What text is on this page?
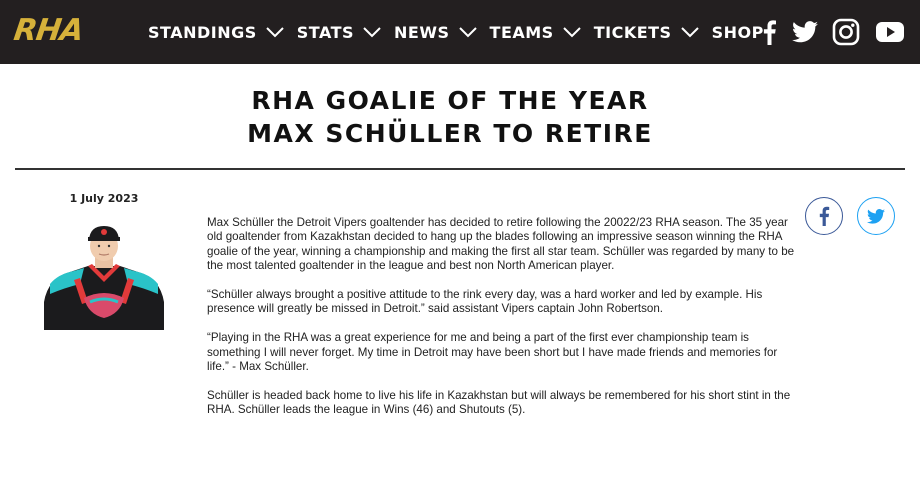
RHA	STANDINGS	STATS	NEWS	TEAMS	TICKETS	SHOP
RHA GOALIE OF THE YEAR
MAX SCHÜLLER TO RETIRE
1 July 2023

Max Schüller the Detroit Vipers goaltender has decided to retire following the 20022/23 RHA season. The 35 year old goaltender from Kazakhstan decided to hang up the blades following an impressive season winning the RHA goalie of the year, winning a championship and making the first all star team. Schüller was regarded by many to be the most talented goaltender in the league and best non North American player.

“Schüller always brought a positive attitude to the rink every day, was a hard worker and led by example. His presence will greatly be missed in Detroit.” said assistant Vipers captain John Robertson.

“Playing in the RHA was a great experience for me and being a part of the first ever championship team is something I will never forget. My time in Detroit may have been short but I have made friends and memories for life.” - Max Schüller.

Schüller is headed back home to live his life in Kazakhstan but will always be remembered for his short stint in the RHA. Schüller leads the league in Wins (46) and Shutouts (5).
